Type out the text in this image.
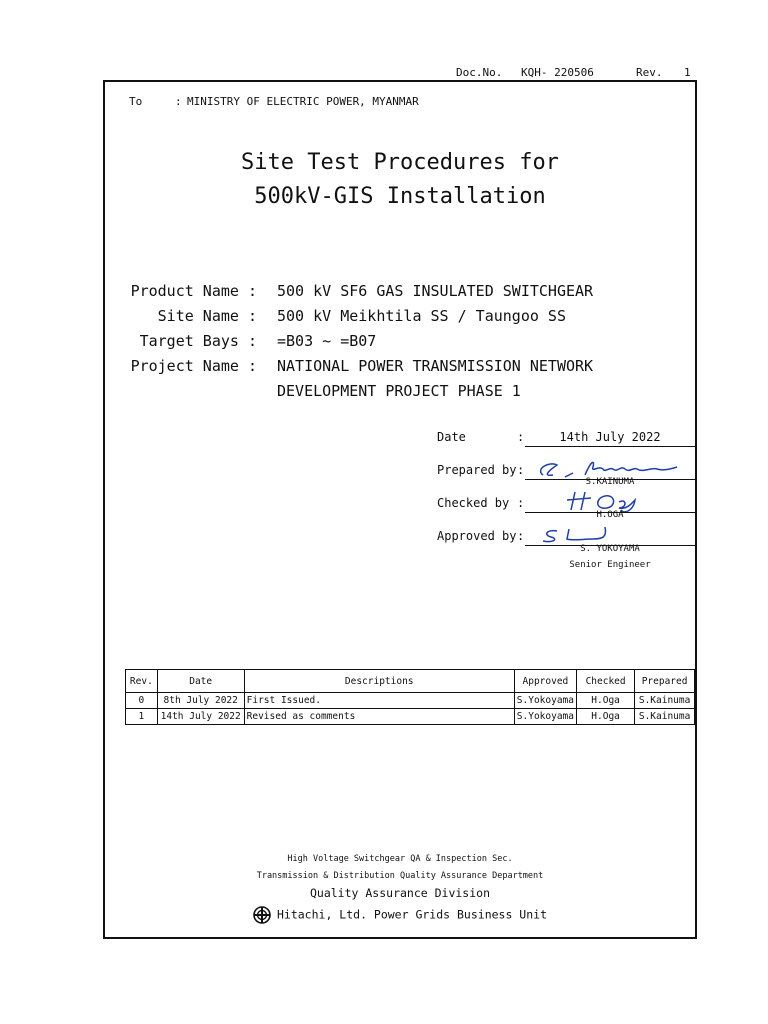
Doc.No. KQH- 220506	Rev. 1
To	: MINISTRY OF ELECTRIC POWER, MYANMAR
Site Test Procedures for
500kV-GIS Installation
Product Name : 500 kV SF6 GAS INSULATED SWITCHGEAR
Site Name : 500 kV Meikhtila SS / Taungoo SS
Target Bays : =B03 ~ =B07
Project Name : NATIONAL POWER TRANSMISSION NETWORK
DEVELOPMENT PROJECT PHASE 1
Date	:	14th July 2022
Prepared by :
S.KAINUMA
Checked by :
H.OGA
Approved by :
S. YOKOYAMA
Senior Engineer
Rev.	Date	Descriptions	Approved	Checked	Prepared
0	8th July 2022	First Issued.	S.Yokoyama	H.Oga	S.Kainuma
1	14th July 2022	Revised as comments	S.Yokoyama	H.Oga	S.Kainuma
High Voltage Switchgear QA & Inspection Sec.
Transmission & Distribution Quality Assurance Department
Quality Assurance Division
Hitachi, Ltd. Power Grids Business Unit
